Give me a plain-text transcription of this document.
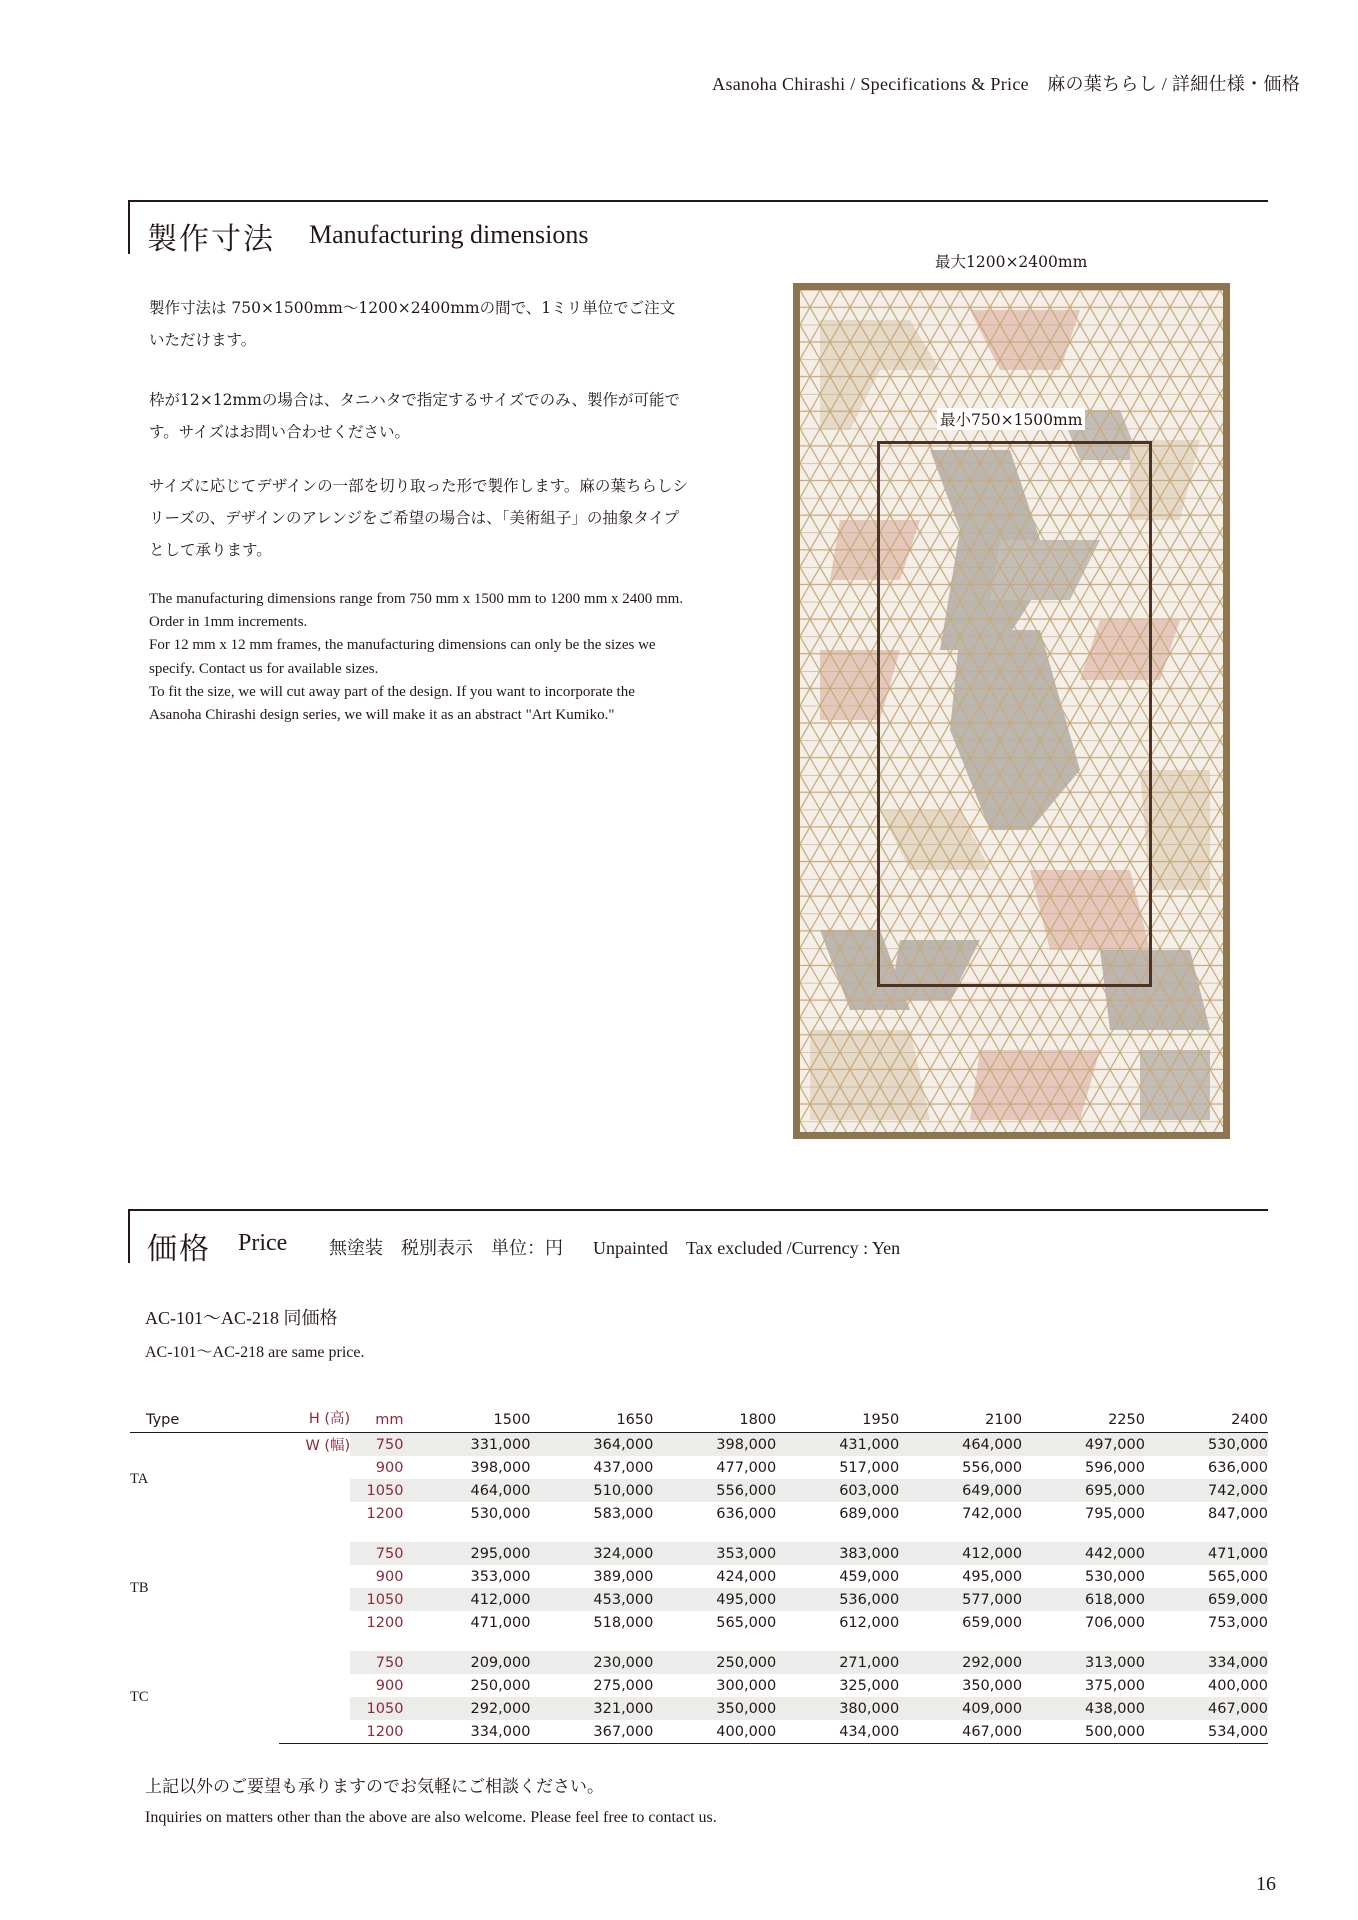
Asanoha Chirashi / Specifications & Price　麻の葉ちらし / 詳細仕様・価格
製作寸法 Manufacturing dimensions

製作寸法は 750×1500mm〜1200×2400mmの間で、1ミリ単位でご注文いただけます。

枠が12×12mmの場合は、タニハタで指定するサイズでのみ、製作が可能です。サイズはお問い合わせください。

サイズに応じてデザインの一部を切り取った形で製作します。麻の葉ちらしシリーズの、デザインのアレンジをご希望の場合は、「美術組子」の抽象タイプとして承ります。

The manufacturing dimensions range from 750 mm x 1500 mm to 1200 mm x 2400 mm. Order in 1mm increments.
For 12 mm x 12 mm frames, the manufacturing dimensions can only be the sizes we specify. Contact us for available sizes.
To fit the size, we will cut away part of the design. If you want to incorporate the Asanoha Chirashi design series, we will make it as an abstract "Art Kumiko."

最大1200×2400mm
最小750×1500mm
価格 Price 無塗装　税別表示　単位：円 Unpainted　Tax excluded /Currency : Yen
AC-101〜AC-218 同価格
AC-101〜AC-218 are same price.
Type	H (高)	mm	1500	1650	1800	1950	2100	2250	2400
TA	W (幅)	750	331,000	364,000	398,000	431,000	464,000	497,000	530,000
		900	398,000	437,000	477,000	517,000	556,000	596,000	636,000
		1050	464,000	510,000	556,000	603,000	649,000	695,000	742,000
		1200	530,000	583,000	636,000	689,000	742,000	795,000	847,000

TB		750	295,000	324,000	353,000	383,000	412,000	442,000	471,000
		900	353,000	389,000	424,000	459,000	495,000	530,000	565,000
		1050	412,000	453,000	495,000	536,000	577,000	618,000	659,000
		1200	471,000	518,000	565,000	612,000	659,000	706,000	753,000

TC		750	209,000	230,000	250,000	271,000	292,000	313,000	334,000
		900	250,000	275,000	300,000	325,000	350,000	375,000	400,000
		1050	292,000	321,000	350,000	380,000	409,000	438,000	467,000
		1200	334,000	367,000	400,000	434,000	467,000	500,000	534,000
上記以外のご要望も承りますのでお気軽にご相談ください。
Inquiries on matters other than the above are also welcome. Please feel free to contact us.
16
